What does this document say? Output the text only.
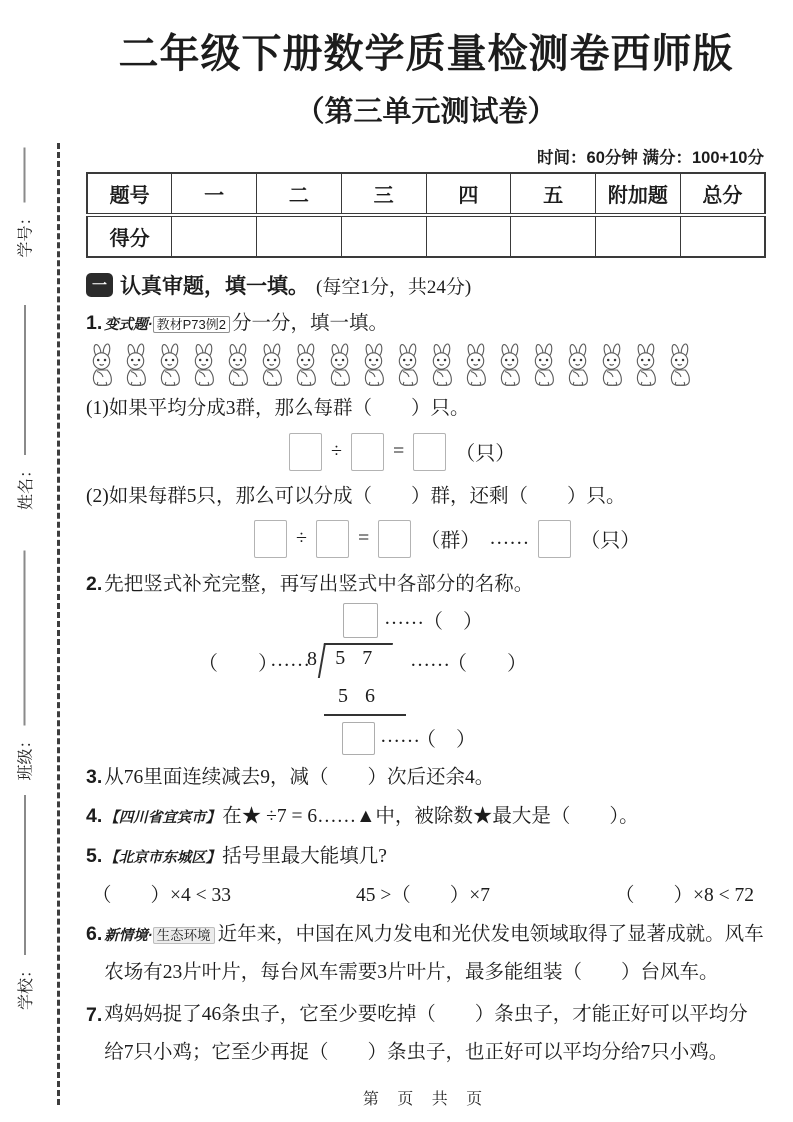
学号：
姓名：
班级：
学校：
二年级下册数学质量检测卷西师版
（第三单元测试卷）
时间：60分钟 满分：100+10分
题号	一	二	三	四	五	附加题	总分
得分							
一 认真审题，填一填。 (每空1分，共24分)
1. 变式题· 教材P73例2 分一分，填一填。
(1)如果平均分成3群，那么每群（　　）只。
÷	=	（只）
(2)如果每群5只，那么可以分成（　　）群，还剩（　　）只。
÷	=	（群） ……	（只）
2. 先把竖式补充完整，再写出竖式中各部分的名称。
…… （　）
（　　）
……
8 5 7	……
（　　）
5 6
……
（　）
3. 从76里面连续减去9，减（　　）次后还余4。
4. 【四川省宜宾市】 在★ ÷7 = 6……▲中，被除数★最大是（　　）。
5. 【北京市东城区】 括号里最大能填几?
（　　）×4 < 33	45 >（　　）×7	（　　）×8 < 72
6. 新情境· 生态环境 近年来，中国在风力发电和光伏发电领域取得了显著成就。风车农场有23片叶片，每台风车需要3片叶片，最多能组装（　　）台风车。
7. 鸡妈妈捉了46条虫子，它至少要吃掉（　　）条虫子，才能正好可以平均分给7只小鸡；它至少再捉（　　）条虫子，也正好可以平均分给7只小鸡。
第 页 共 页
